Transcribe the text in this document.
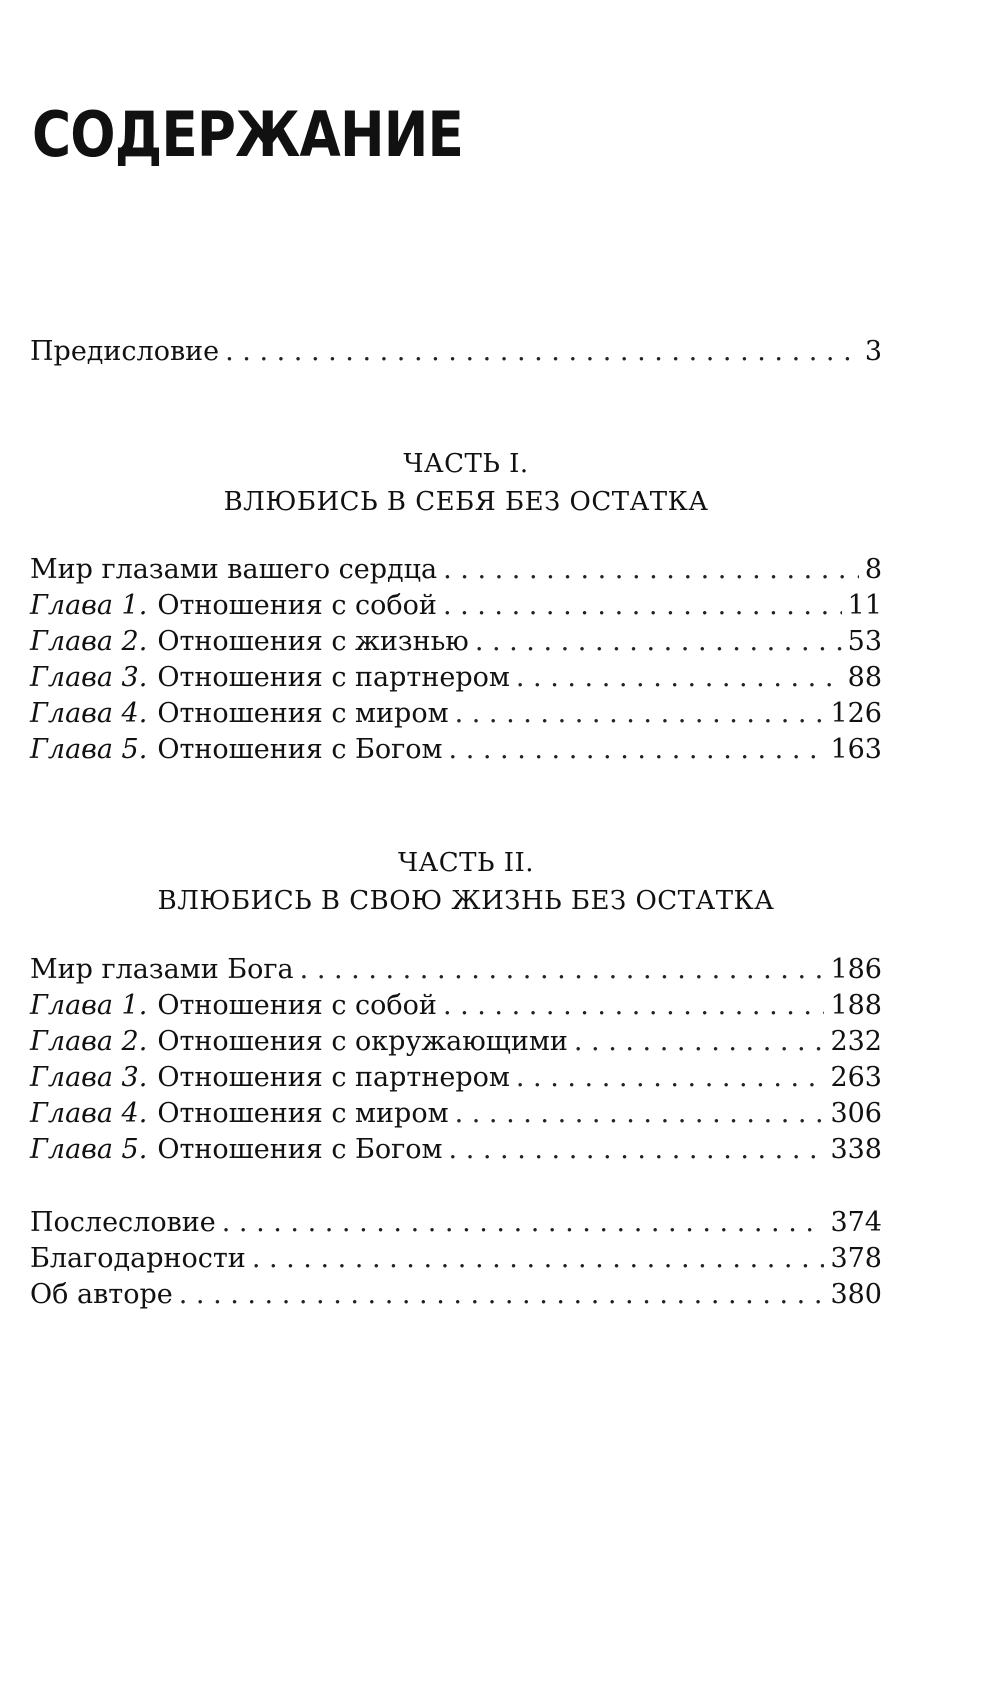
СОДЕРЖАНИЕ
Предисловие . . .	3
ЧАСТЬ I.
ВЛЮБИСЬ В СЕБЯ БЕЗ ОСТАТКА
Мир глазами вашего сердца . . .	8
Глава 1. Отношения с собой . . .	11
Глава 2. Отношения с жизнью . . .	53
Глава 3. Отношения с партнером . . .	88
Глава 4. Отношения с миром . . .	126
Глава 5. Отношения с Богом . . .	163
ЧАСТЬ II.
ВЛЮБИСЬ В СВОЮ ЖИЗНЬ БЕЗ ОСТАТКА
Мир глазами Бога . . .	186
Глава 1. Отношения с собой . . .	188
Глава 2. Отношения с окружающими . . .	232
Глава 3. Отношения с партнером . . .	263
Глава 4. Отношения с миром . . .	306
Глава 5. Отношения с Богом . . .	338
Послесловие . . .	374
Благодарности . . .	378
Об авторе . . .	380
